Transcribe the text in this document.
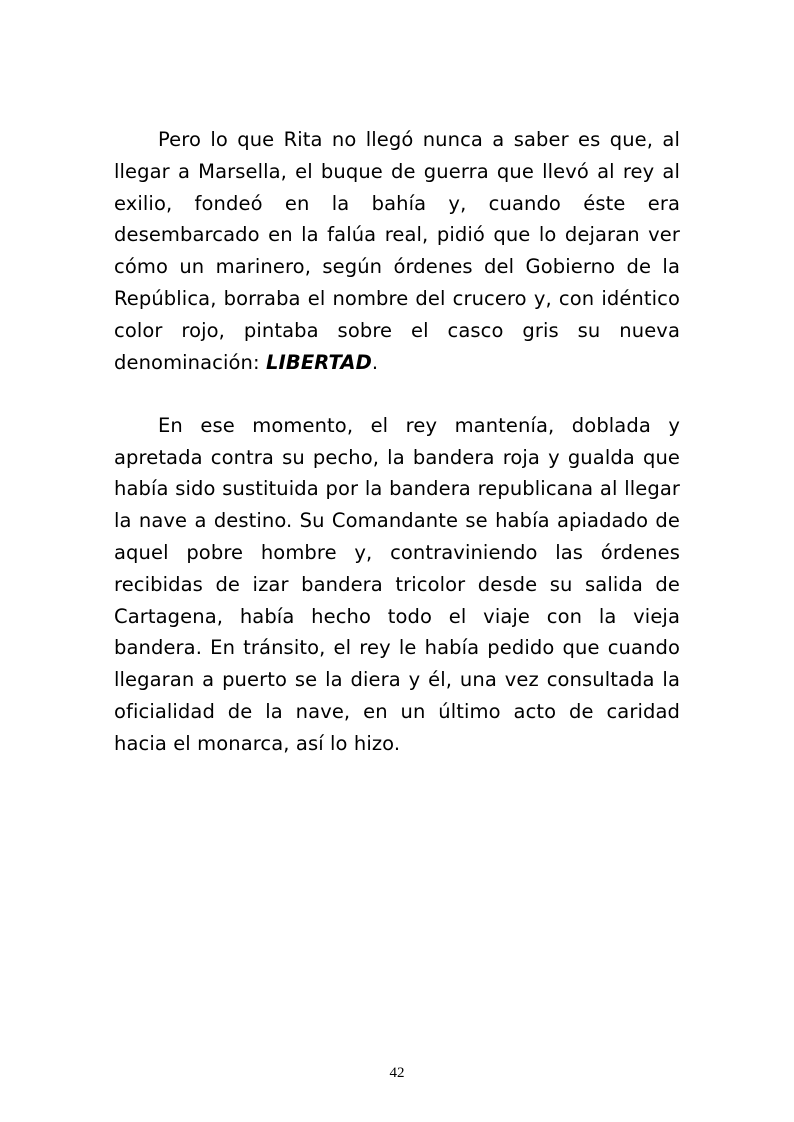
Pero lo que Rita no llegó nunca a saber es que, al llegar a Marsella, el buque de guerra que llevó al rey al exilio, fondeó en la bahía y, cuando éste era desembarcado en la falúa real, pidió que lo dejaran ver cómo un marinero, según órdenes del Gobierno de la República, borraba el nombre del crucero y, con idéntico color rojo, pintaba sobre el casco gris su nueva denominación: LIBERTAD.

En ese momento, el rey mantenía, doblada y apretada contra su pecho, la bandera roja y gualda que había sido sustituida por la bandera republicana al llegar la nave a destino. Su Comandante se había apiadado de aquel pobre hombre y, contraviniendo las órdenes recibidas de izar bandera tricolor desde su salida de Cartagena, había hecho todo el viaje con la vieja bandera. En tránsito, el rey le había pedido que cuando llegaran a puerto se la diera y él, una vez consultada la oficialidad de la nave, en un último acto de caridad hacia el monarca, así lo hizo.

42
